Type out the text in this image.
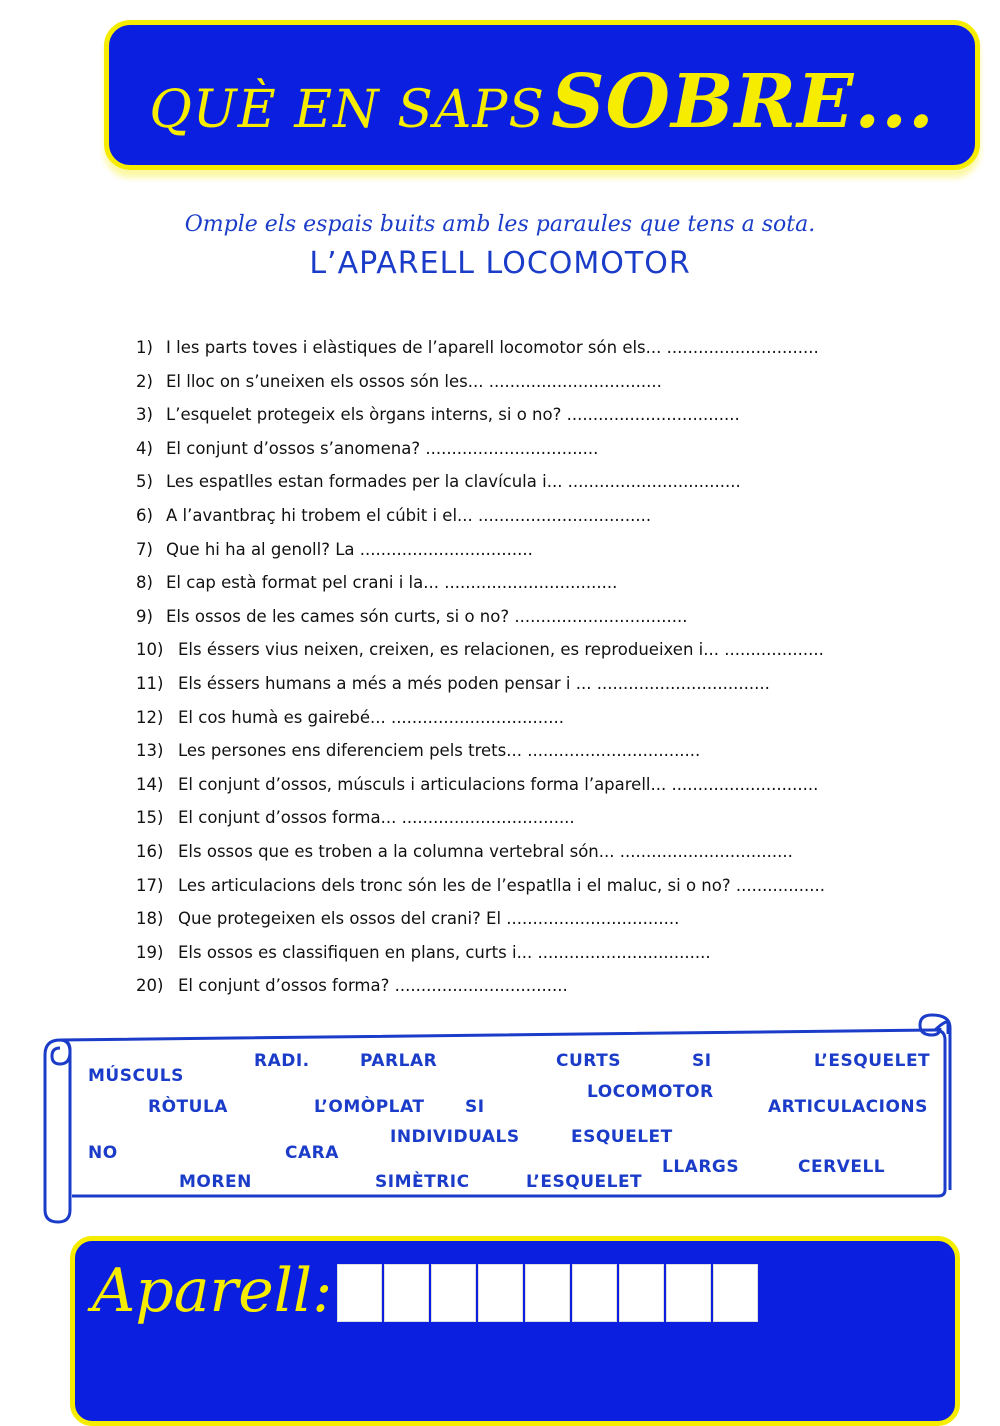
QUÈ EN SAPS SOBRE...
Omple els espais buits amb les paraules que tens a sota.
L’APARELL LOCOMOTOR
1) I les parts toves i elàstiques de l’aparell locomotor són els... .............................
2) El lloc on s’uneixen els ossos són les... .................................
3) L’esquelet protegeix els òrgans interns, si o no? .................................
4) El conjunt d’ossos s’anomena? .................................
5) Les espatlles estan formades per la clavícula i... .................................
6) A l’avantbraç hi trobem el cúbit i el... .................................
7) Que hi ha al genoll? La .................................
8) El cap està format pel crani i la... .................................
9) Els ossos de les cames són curts, si o no? .................................
10) Els éssers vius neixen, creixen, es relacionen, es reprodueixen i... ...................
11) Els éssers humans a més a més poden pensar i ... .................................
12) El cos humà es gairebé... .................................
13) Les persones ens diferenciem pels trets... .................................
14) El conjunt d’ossos, músculs i articulacions forma l’aparell... ............................
15) El conjunt d’ossos forma... .................................
16) Els ossos que es troben a la columna vertebral són... .................................
17) Les articulacions dels tronc són les de l’espatlla i el maluc, si o no? .................
18) Que protegeixen els ossos del crani? El .................................
19) Els ossos es classifiquen en plans, curts i... .................................
20) El conjunt d’ossos forma? .................................
MÚSCULS
RADI.	PARLAR	CURTS	SI	L’ESQUELET
LOCOMOTOR
RÒTULA	L’OMÒPLAT SI	ARTICULACIONS
INDIVIDUALS	ESQUELET
NO	CARA
LLARGS	CERVELL
MOREN	SIMÈTRIC	L’ESQUELET
Aparell:
